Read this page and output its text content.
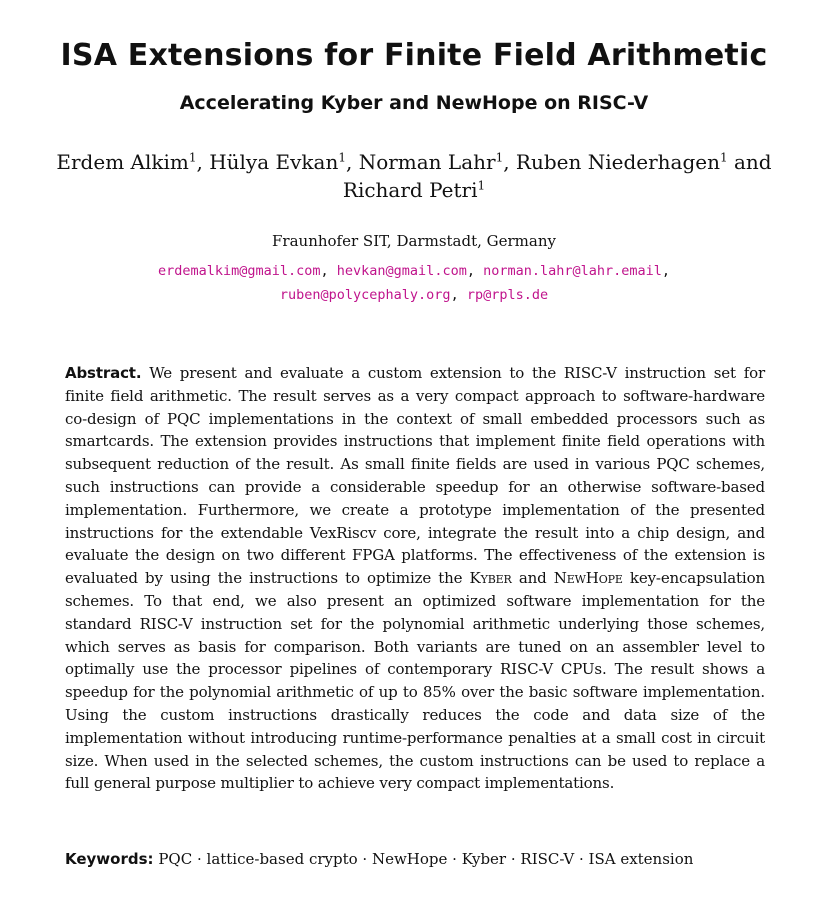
ISA Extensions for Finite Field Arithmetic
Accelerating Kyber and NewHope on RISC-V
Erdem Alkim$^1$, Hülya Evkan$^1$, Norman Lahr$^1$, Ruben Niederhagen$^1$ and
Richard Petri$^1$
Fraunhofer SIT, Darmstadt, Germany
erdemalkim@gmail.com, hevkan@gmail.com, norman.lahr@lahr.email,
ruben@polycephaly.org, rp@rpls.de

Abstract. We present and evaluate a custom extension to the RISC-V instruction set for finite field arithmetic. The result serves as a very compact approach to software-hardware co-design of PQC implementations in the context of small embedded processors such as smartcards. The extension provides instructions that implement finite field operations with subsequent reduction of the result. As small finite fields are used in various PQC schemes, such instructions can provide a considerable speedup for an otherwise software-based implementation. Furthermore, we create a prototype implementation of the presented instructions for the extendable VexRiscv core, integrate the result into a chip design, and evaluate the design on two different FPGA platforms. The effectiveness of the extension is evaluated by using the instructions to optimize the Kyber and NewHope key-encapsulation schemes. To that end, we also present an optimized software implementation for the standard RISC-V instruction set for the polynomial arithmetic underlying those schemes, which serves as basis for comparison. Both variants are tuned on an assembler level to optimally use the processor pipelines of contemporary RISC-V CPUs. The result shows a speedup for the polynomial arithmetic of up to 85% over the basic software implementation. Using the custom instructions drastically reduces the code and data size of the implementation without introducing runtime-performance penalties at a small cost in circuit size. When used in the selected schemes, the custom instructions can be used to replace a full general purpose multiplier to achieve very compact implementations.

Keywords: PQC · lattice-based crypto · NewHope · Kyber · RISC-V · ISA extension
